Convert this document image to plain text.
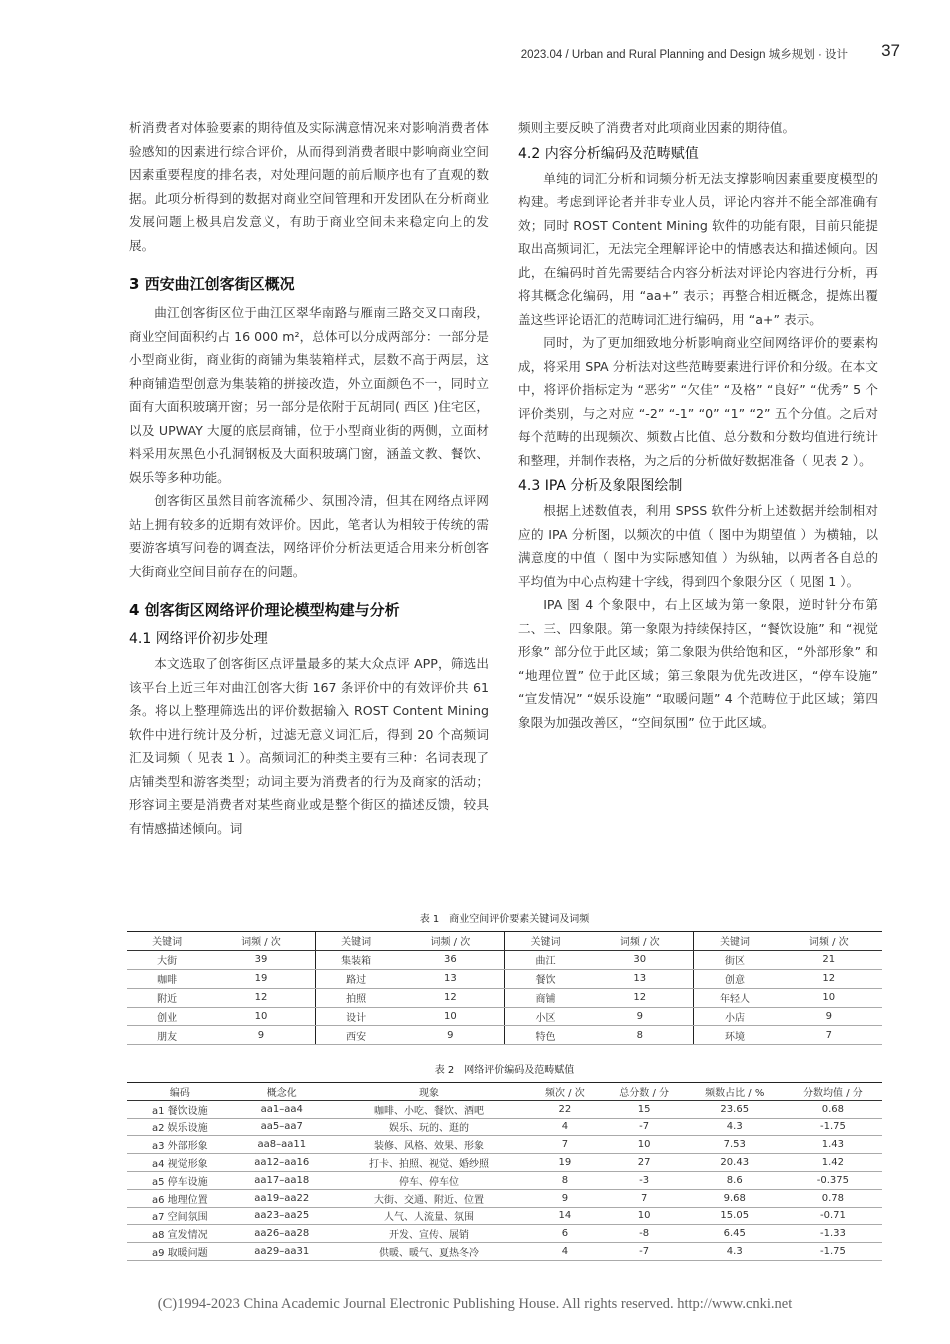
2023.04 / Urban and Rural Planning and Design 城乡规划 · 设计 37

析消费者对体验要素的期待值及实际满意情况来对影响消费者体验感知的因素进行综合评价，从而得到消费者眼中影响商业空间因素重要程度的排名表，对处理问题的前后顺序也有了直观的数据。此项分析得到的数据对商业空间管理和开发团队在分析商业发展问题上极具启发意义，有助于商业空间未来稳定向上的发展。

3 西安曲江创客街区概况

曲江创客街区位于曲江区翠华南路与雁南三路交叉口南段，商业空间面积约占 16 000 m²，总体可以分成两部分：一部分是小型商业街，商业街的商铺为集装箱样式，层数不高于两层，这种商铺造型创意为集装箱的拼接改造，外立面颜色不一，同时立面有大面积玻璃开窗；另一部分是依附于瓦胡同( 西区 )住宅区，以及 UPWAY 大厦的底层商铺，位于小型商业街的两侧，立面材料采用灰黑色小孔洞钢板及大面积玻璃门窗，涵盖文教、餐饮、娱乐等多种功能。

创客街区虽然目前客流稀少、氛围冷清，但其在网络点评网站上拥有较多的近期有效评价。因此，笔者认为相较于传统的需要游客填写问卷的调查法，网络评价分析法更适合用来分析创客大街商业空间目前存在的问题。

4 创客街区网络评价理论模型构建与分析
4.1 网络评价初步处理

本文选取了创客街区点评量最多的某大众点评 APP，筛选出该平台上近三年对曲江创客大街 167 条评价中的有效评价共 61 条。将以上整理筛选出的评价数据输入 ROST Content Mining 软件中进行统计及分析，过滤无意义词汇后，得到 20 个高频词汇及词频（ 见表 1 ）。高频词汇的种类主要有三种：名词表现了店铺类型和游客类型；动词主要为消费者的行为及商家的活动；形容词主要是消费者对某些商业或是整个街区的描述反馈，较具有情感描述倾向。词

频则主要反映了消费者对此项商业因素的期待值。

4.2 内容分析编码及范畴赋值

单纯的词汇分析和词频分析无法支撑影响因素重要度模型的构建。考虑到评论者并非专业人员，评论内容并不能全部准确有效；同时 ROST Content Mining 软件的功能有限，目前只能提取出高频词汇，无法完全理解评论中的情感表达和描述倾向。因此，在编码时首先需要结合内容分析法对评论内容进行分析，再将其概念化编码，用 “aa+” 表示；再整合相近概念，提炼出覆盖这些评论语汇的范畴词汇进行编码，用 “a+” 表示。

同时，为了更加细致地分析影响商业空间网络评价的要素构成，将采用 SPA 分析法对这些范畴要素进行评价和分级。在本文中，将评价指标定为 “恶劣” “欠佳” “及格” “良好” “优秀” 5 个评价类别，与之对应 “-2” “-1” “0” “1” “2” 五个分值。之后对每个范畴的出现频次、频数占比值、总分数和分数均值进行统计和整理，并制作表格，为之后的分析做好数据准备（ 见表 2 ）。

4.3 IPA 分析及象限图绘制

根据上述数值表，利用 SPSS 软件分析上述数据并绘制相对应的 IPA 分析图，以频次的中值（ 图中为期望值 ）为横轴，以满意度的中值（ 图中为实际感知值 ）为纵轴，以两者各自总的平均值为中心点构建十字线，得到四个象限分区（ 见图 1 ）。

IPA 图 4 个象限中，右上区域为第一象限，逆时针分布第二、三、四象限。第一象限为持续保持区，“餐饮设施” 和 “视觉形象” 部分位于此区域；第二象限为供给饱和区，“外部形象” 和 “地理位置” 位于此区域；第三象限为优先改进区，“停车设施” “宣发情况” “娱乐设施” “取暖问题” 4 个范畴位于此区域；第四象限为加强改善区，“空间氛围” 位于此区域。

表 1　商业空间评价要素关键词及词频
关键词	词频 / 次	关键词	词频 / 次	关键词	词频 / 次	关键词	词频 / 次
大街	39	集装箱	36	曲江	30	街区	21
咖啡	19	路过	13	餐饮	13	创意	12
附近	12	拍照	12	商铺	12	年轻人	10
创业	10	设计	10	小区	9	小店	9
朋友	9	西安	9	特色	8	环境	7
表 2　网络评价编码及范畴赋值
编码	概念化	现象	频次 / 次	总分数 / 分	频数占比 / %	分数均值 / 分
a1 餐饮设施	aa1–aa4	咖啡、小吃、餐饮、酒吧	22	15	23.65	0.68
a2 娱乐设施	aa5–aa7	娱乐、玩的、逛的	4	-7	4.3	-1.75
a3 外部形象	aa8–aa11	装修、风格、效果、形象	7	10	7.53	1.43
a4 视觉形象	aa12–aa16	打卡、拍照、视觉、婚纱照	19	27	20.43	1.42
a5 停车设施	aa17–aa18	停车、停车位	8	-3	8.6	-0.375
a6 地理位置	aa19–aa22	大街、交通、附近、位置	9	7	9.68	0.78
a7 空间氛围	aa23–aa25	人气、人流量、氛围	14	10	15.05	-0.71
a8 宣发情况	aa26–aa28	开发、宣传、展销	6	-8	6.45	-1.33
a9 取暖问题	aa29–aa31	供暖、暖气、夏热冬冷	4	-7	4.3	-1.75
(C)1994-2023 China Academic Journal Electronic Publishing House. All rights reserved. http://www.cnki.net
